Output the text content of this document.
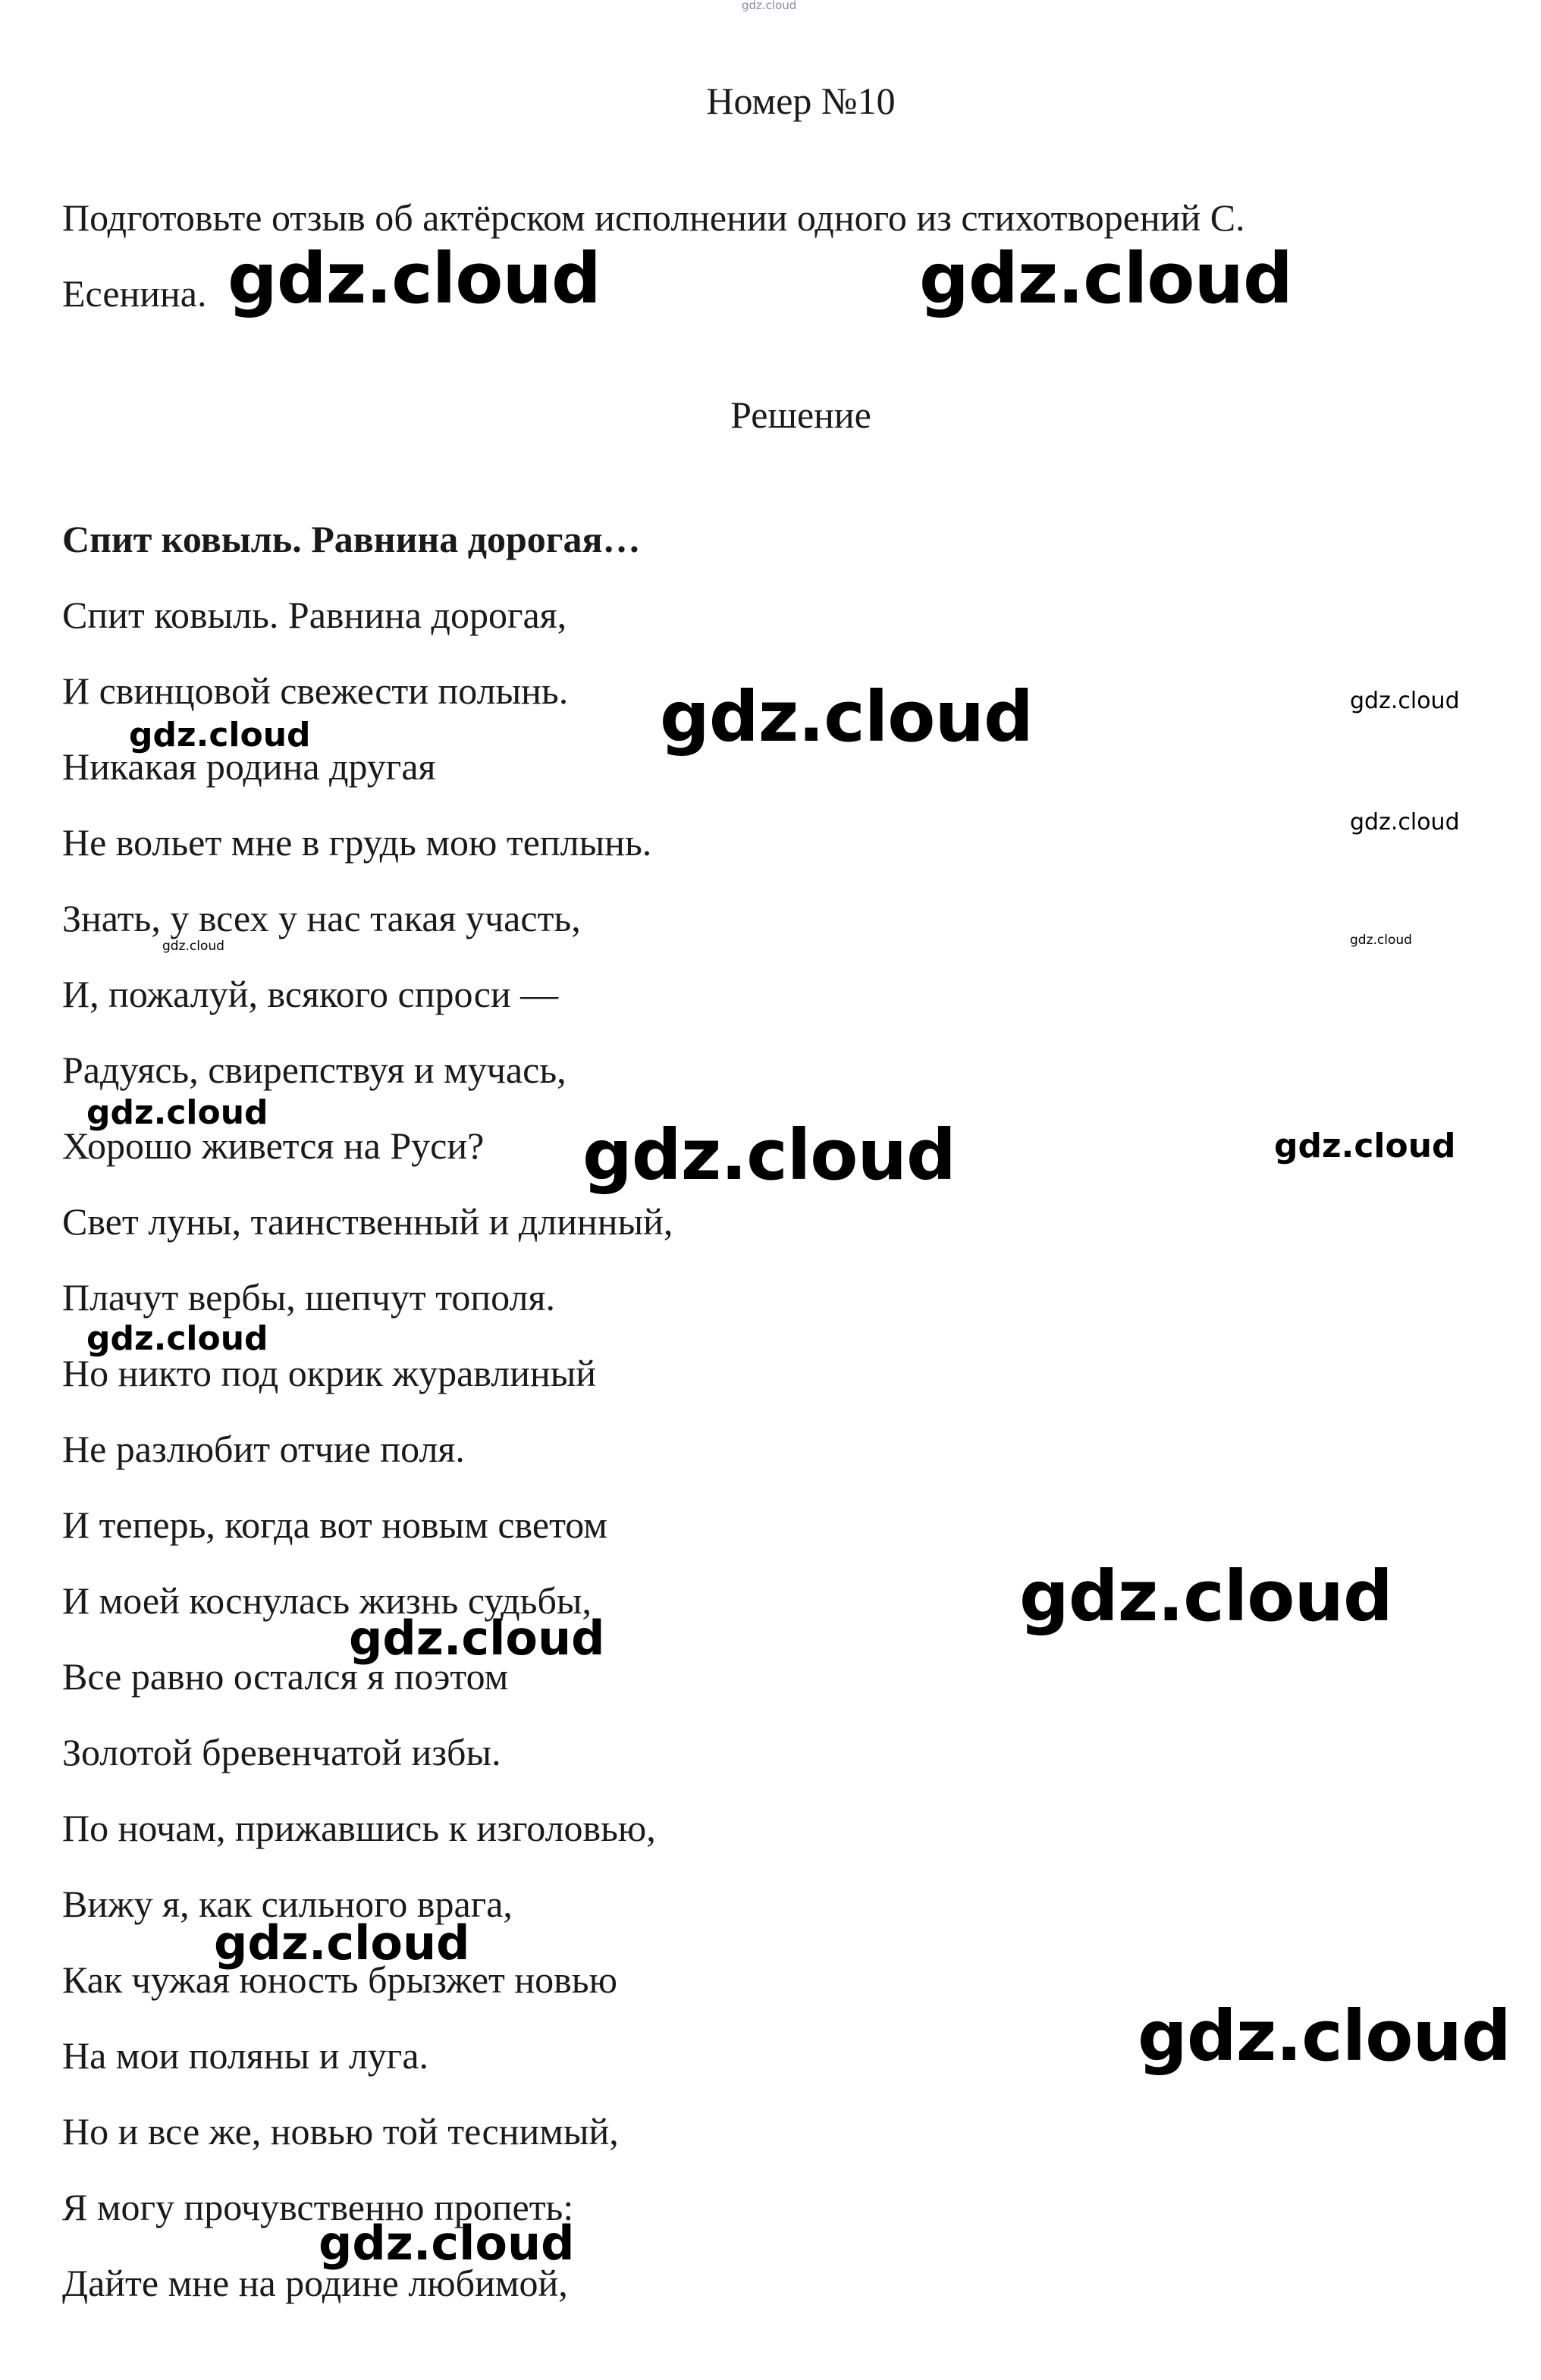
gdz.cloud
Номер №10
Подготовьте отзыв об актёрском исполнении одного из стихотворений С.
Есенина.
Решение
Спит ковыль. Равнина дорогая…
Спит ковыль. Равнина дорогая,
И свинцовой свежести полынь.
Никакая родина другая
Не вольет мне в грудь мою теплынь.
Знать, у всех у нас такая участь,
И, пожалуй, всякого спроси —
Радуясь, свирепствуя и мучась,
Хорошо живется на Руси?
Свет луны, таинственный и длинный,
Плачут вербы, шепчут тополя.
Но никто под окрик журавлиный
Не разлюбит отчие поля.
И теперь, когда вот новым светом
И моей коснулась жизнь судьбы,
Все равно остался я поэтом
Золотой бревенчатой избы.
По ночам, прижавшись к изголовью,
Вижу я, как сильного врага,
Как чужая юность брызжет новью
На мои поляны и луга.
Но и все же, новью той теснимый,
Я могу прочувственно пропеть:
Дайте мне на родине любимой,
gdz.cloud	gdz.cloud
gdz.cloud
gdz.cloud
gdz.cloud
gdz.cloud
gdz.cloud	gdz.cloud
gdz.cloud
gdz.cloud	gdz.cloud
gdz.cloud
gdz.cloud
gdz.cloud
gdz.cloud
gdz.cloud
gdz.cloud
